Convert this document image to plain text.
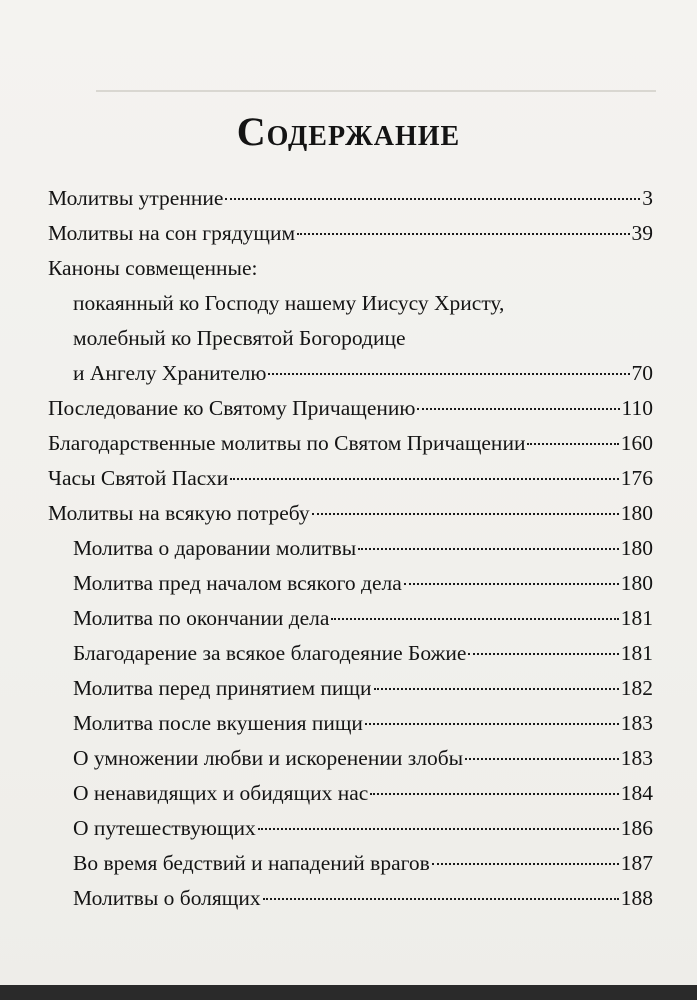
Содержание
Молитвы утренние	3
Молитвы на сон грядущим	39
Каноны совмещенные:
покаянный ко Господу нашему Иисусу Христу,
молебный ко Пресвятой Богородице
и Ангелу Хранителю	70
Последование ко Святому Причащению	110
Благодарственные молитвы по Святом Причащении	160
Часы Святой Пасхи	176
Молитвы на всякую потребу	180
Молитва о даровании молитвы	180
Молитва пред началом всякого дела	180
Молитва по окончании дела	181
Благодарение за всякое благодеяние Божие	181
Молитва перед принятием пищи	182
Молитва после вкушения пищи	183
О умножении любви и искоренении злобы	183
О ненавидящих и обидящих нас	184
О путешествующих	186
Во время бедствий и нападений врагов	187
Молитвы о болящих	188
